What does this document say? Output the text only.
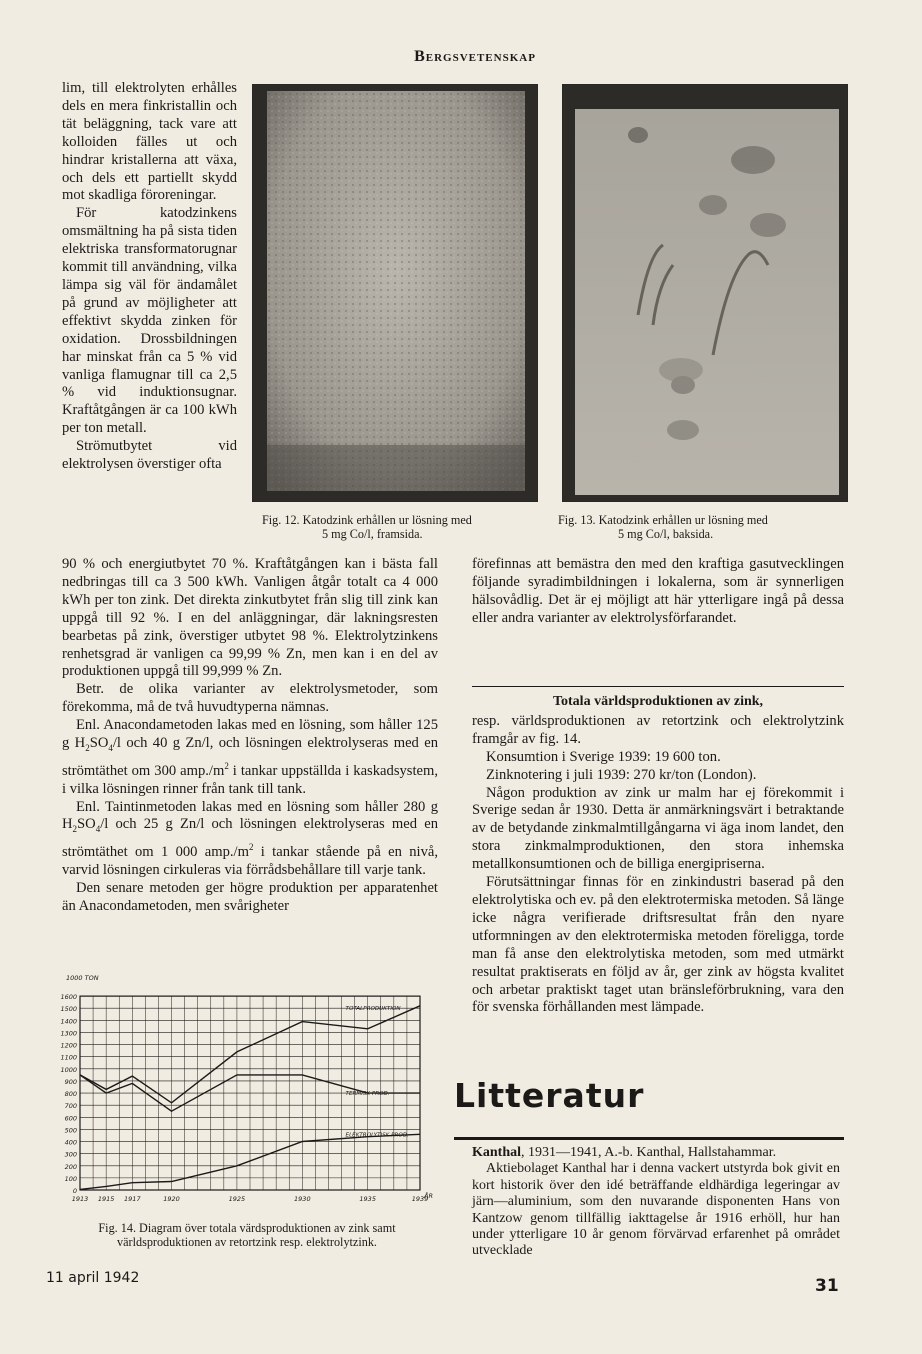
Bergsvetenskap

lim, till elektrolyten erhålles dels en mera finkristallin och tät beläggning, tack vare att kolloiden fälles ut och hindrar kristallerna att växa, och dels ett partiellt skydd mot skadliga föroreningar.

För katodzinkens omsmältning ha på sista tiden elektriska transformatorugnar kommit till användning, vilka lämpa sig väl för ändamålet på grund av möjligheter att effektivt skydda zinken för oxidation. Drossbildningen har minskat från ca 5 % vid vanliga flamugnar till ca 2,5 % vid induktionsugnar. Kraftåtgången är ca 100 kWh per ton metall.

Strömutbytet vid elektrolysen överstiger ofta

Fig. 12. Katodzink erhållen ur lösning med
5 mg Co/l, framsida.
Fig. 13. Katodzink erhållen ur lösning med
5 mg Co/l, baksida.

90 % och energiutbytet 70 %. Kraftåtgången kan i bästa fall nedbringas till ca 3 500 kWh. Vanligen åtgår totalt ca 4 000 kWh per ton zink. Det direkta zinkutbytet från slig till zink kan uppgå till 92 %. I en del anläggningar, där lakningsresten bearbetas på zink, överstiger utbytet 98 %. Elektrolytzinkens renhetsgrad är vanligen ca 99,99 % Zn, men kan i en del av produktionen uppgå till 99,999 % Zn.

Betr. de olika varianter av elektrolysmetoder, som förekomma, må de två huvudtyperna nämnas.

Enl. Anacondametoden lakas med en lösning, som håller 125 g $H_2SO_4/l$ och 40 g Zn/l, och lösningen elektrolyseras med en strömtäthet om 300 $amp./m^2$ i tankar uppställda i kaskadsystem, i vilka lösningen rinner från tank till tank.

Enl. Taintinmetoden lakas med en lösning som håller 280 g $H_2SO_4/l$ och 25 g Zn/l och lösningen elektrolyseras med en strömtäthet om 1 000 $amp./m^2$ i tankar stående på en nivå, varvid lösningen cirkuleras via förrådsbehållare till varje tank.

Den senare metoden ger högre produktion per apparatenhet än Anacondametoden, men svårigheter

0
100
200
300
400
500
600
700
800
900
1000
1100
1200
1300
1400
1500
1600
1913 1915 1917	1920	1925	1930	1935	1939
1000 TON
ÅR
TOTALPRODUKTION
TERMISK PROD.
ELEKTROLYTISK PROD.
Fig. 14. Diagram över totala värdsproduktionen av zink samt
världsproduktionen av retortzink resp. elektrolytzink.

förefinnas att bemästra den med den kraftiga gasutvecklingen följande syradimbildningen i lokalerna, som är synnerligen hälsovådlig. Det är ej möjligt att här ytterligare ingå på dessa eller andra varianter av elektrolysförfarandet.

Totala världsproduktionen av zink,

resp. världsproduktionen av retortzink och elektrolytzink framgår av fig. 14.

Konsumtion i Sverige 1939: 19 600 ton.

Zinknotering i juli 1939: 270 kr/ton (London).

Någon produktion av zink ur malm har ej förekommit i Sverige sedan år 1930. Detta är anmärkningsvärt i betraktande av de betydande zinkmalmtillgångarna vi äga inom landet, den stora zinkmalmproduktionen, den stora inhemska metallkonsumtionen och de billiga energipriserna.

Förutsättningar finnas för en zinkindustri baserad på den elektrolytiska och ev. på den elektrotermiska metoden. Så länge icke några verifierade driftsresultat från den nyare utformningen av den elektrotermiska metoden föreligga, torde man få anse den elektrolytiska metoden, som med utmärkt resultat praktiserats en följd av år, ger zink av högsta kvalitet och arbetar praktiskt taget utan bränsleförbrukning, vara den för svenska förhållanden mest lämpade.

Litteratur

Kanthal, 1931—1941, A.-b. Kanthal, Hallstahammar.

Aktiebolaget Kanthal har i denna vackert utstyrda bok givit en kort historik över den idé beträffande eldhärdiga legeringar av järn—aluminium, som den nuvarande disponenten Hans von Kantzow genom tillfällig iakttagelse år 1916 erhöll, hur han under ytterligare 10 år genom förvärvad erfarenhet på området utvecklade

11 april 1942	31
